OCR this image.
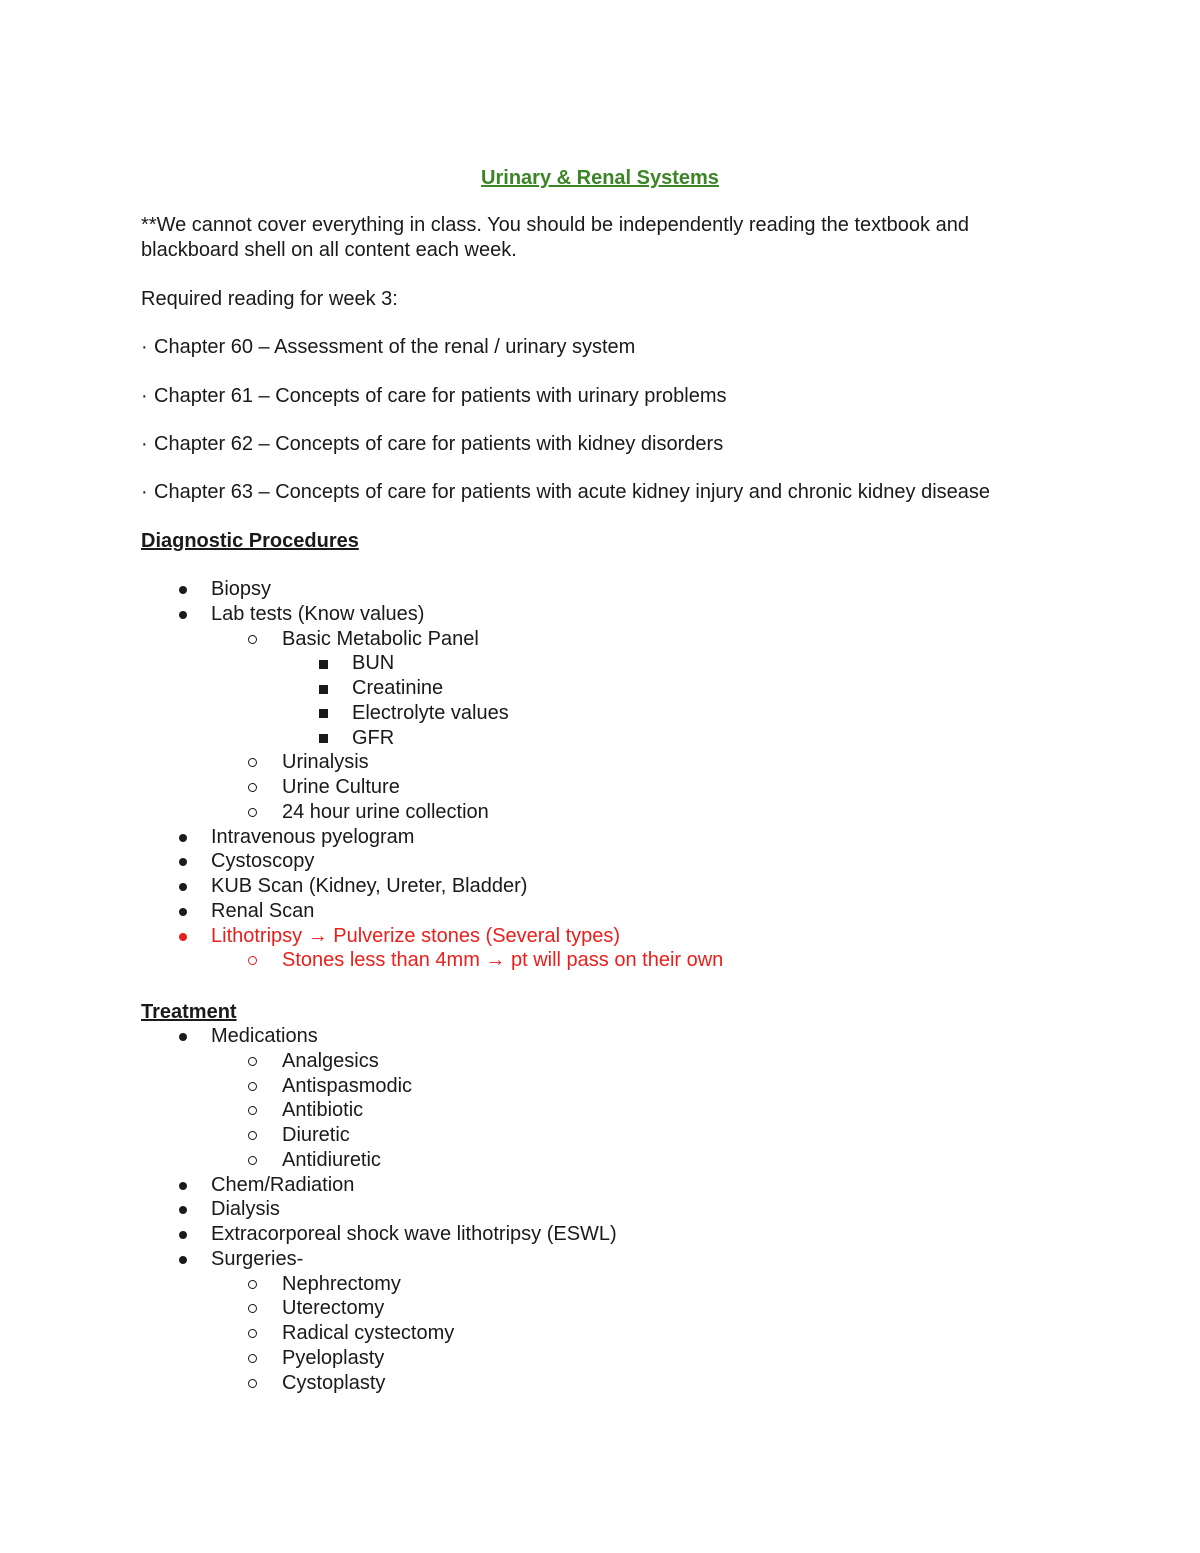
Urinary & Renal Systems
**We cannot cover everything in class. You should be independently reading the textbook and blackboard shell on all content each week.
Required reading for week 3:
· Chapter 60 – Assessment of the renal / urinary system
· Chapter 61 – Concepts of care for patients with urinary problems
· Chapter 62 – Concepts of care for patients with kidney disorders
· Chapter 63 – Concepts of care for patients with acute kidney injury and chronic kidney disease
Diagnostic Procedures
Biopsy
Lab tests (Know values)
Basic Metabolic Panel
BUN
Creatinine
Electrolyte values
GFR
Urinalysis
Urine Culture
24 hour urine collection
Intravenous pyelogram
Cystoscopy
KUB Scan (Kidney, Ureter, Bladder)
Renal Scan
Lithotripsy → Pulverize stones (Several types)
Stones less than 4mm → pt will pass on their own
Treatment
Medications
Analgesics
Antispasmodic
Antibiotic
Diuretic
Antidiuretic
Chem/Radiation
Dialysis
Extracorporeal shock wave lithotripsy (ESWL)
Surgeries-
Nephrectomy
Uterectomy
Radical cystectomy
Pyeloplasty
Cystoplasty
